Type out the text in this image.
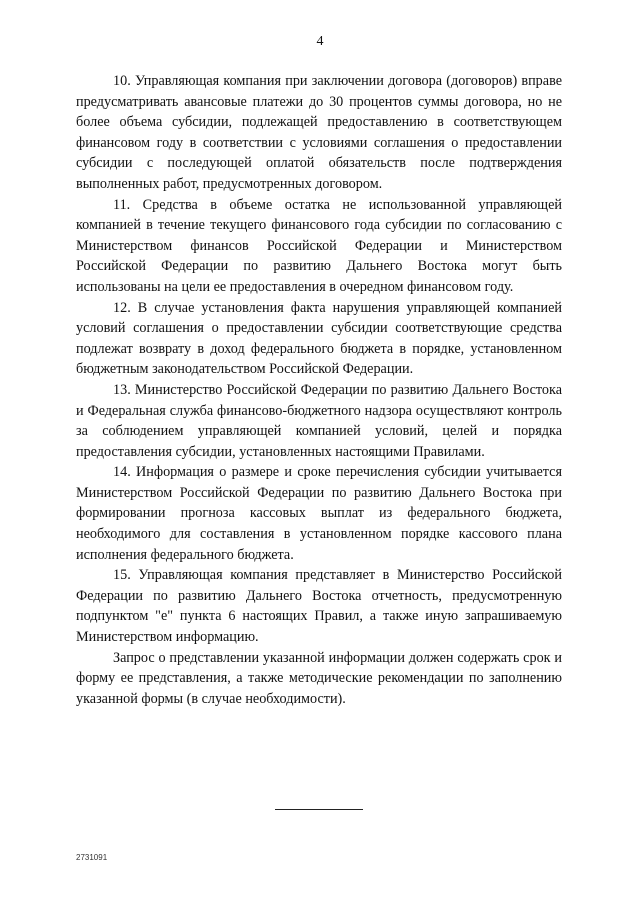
4

10. Управляющая компания при заключении договора (договоров) вправе предусматривать авансовые платежи до 30 процентов суммы договора, но не более объема субсидии, подлежащей предоставлению в соответствующем финансовом году в соответствии с условиями соглашения о предоставлении субсидии с последующей оплатой обязательств после подтверждения выполненных работ, предусмотренных договором.

11. Средства в объеме остатка не использованной управляющей компанией в течение текущего финансового года субсидии по согласованию с Министерством финансов Российской Федерации и Министерством Российской Федерации по развитию Дальнего Востока могут быть использованы на цели ее предоставления в очередном финансовом году.

12. В случае установления факта нарушения управляющей компанией условий соглашения о предоставлении субсидии соответствующие средства подлежат возврату в доход федерального бюджета в порядке, установленном бюджетным законодательством Российской Федерации.

13. Министерство Российской Федерации по развитию Дальнего Востока и Федеральная служба финансово-бюджетного надзора осуществляют контроль за соблюдением управляющей компанией условий, целей и порядка предоставления субсидии, установленных настоящими Правилами.

14. Информация о размере и сроке перечисления субсидии учитывается Министерством Российской Федерации по развитию Дальнего Востока при формировании прогноза кассовых выплат из федерального бюджета, необходимого для составления в установленном порядке кассового плана исполнения федерального бюджета.

15. Управляющая компания представляет в Министерство Российской Федерации по развитию Дальнего Востока отчетность, предусмотренную подпунктом "е" пункта 6 настоящих Правил, а также иную запрашиваемую Министерством информацию.

Запрос о представлении указанной информации должен содержать срок и форму ее представления, а также методические рекомендации по заполнению указанной формы (в случае необходимости).

2731091
